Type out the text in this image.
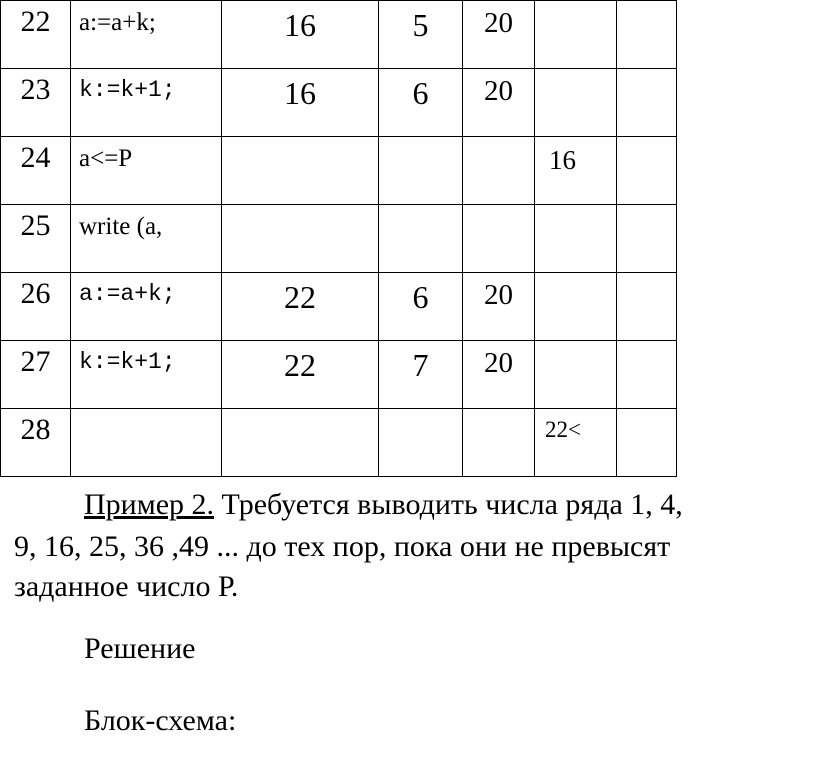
22	a:=a+k;	16	5	20		
23	k:=k+1;	16	6	20		
24	a<=P				16	
25	write (a,					
26	a:=a+k;	22	6	20		
27	k:=k+1;	22	7	20		
28					22<	
Пример 2. Требуется выводить числа ряда 1, 4,
9, 16, 25, 36 ,49 ... до тех пор, пока они не превысят
заданное число Р.
Решение
Блок-схема:
